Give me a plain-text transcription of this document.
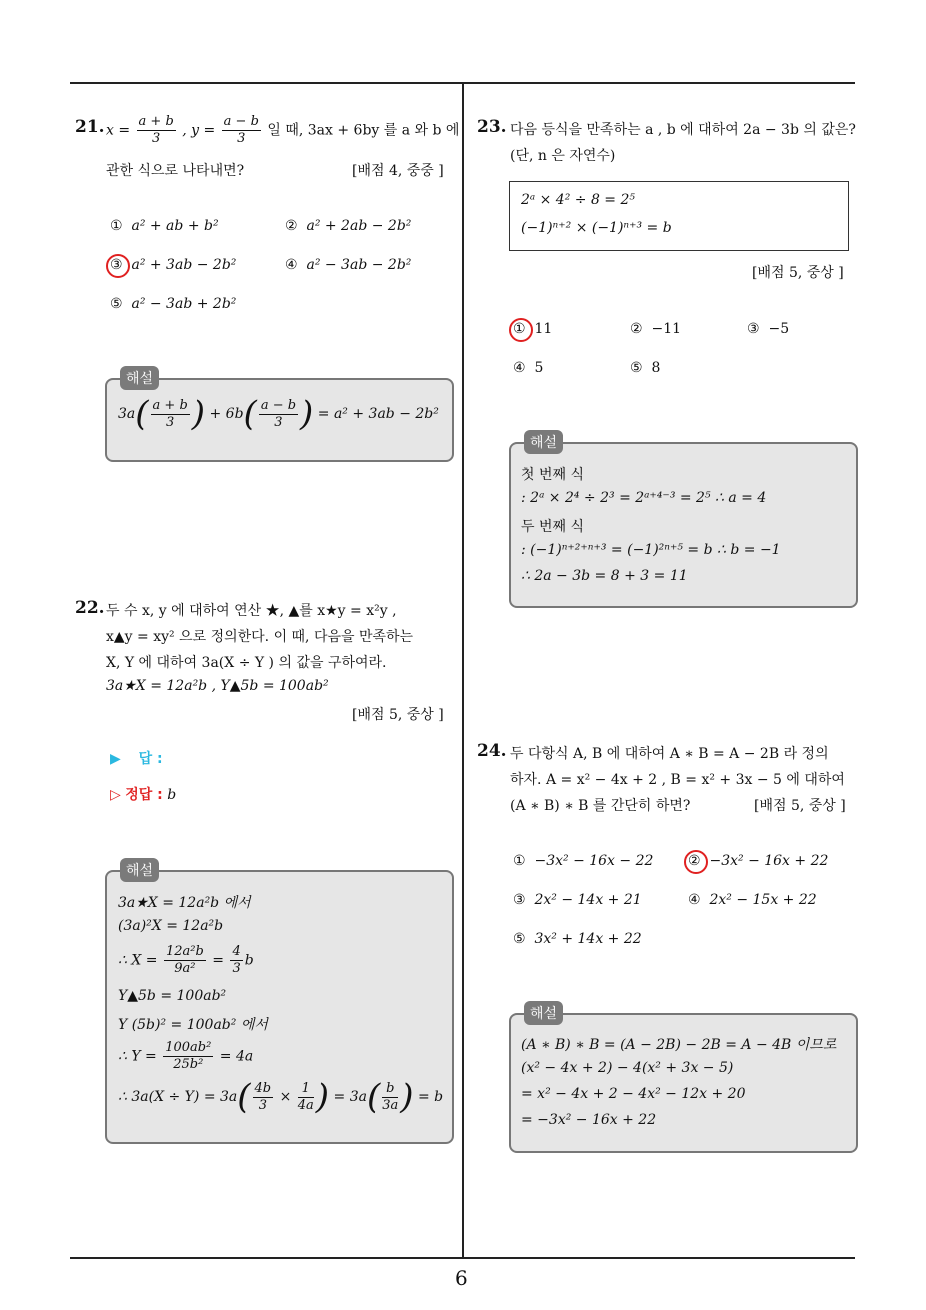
6
21. $x = \frac{a + b}{3}$ , $y = \frac{a - b}{3}$ 일 때, 3ax + 6by 를 a 와 b 에
관한 식으로 나타내면?	[배점 4, 중중 ]
① a² + ab + b²	② a² + 2ab − 2b²
③ a² + 3ab − 2b²	④ a² − 3ab − 2b²
⑤ a² − 3ab + 2b²
해설
$3a( \frac{a + b}{3}$ ) + $6b( \frac{a - b}{3}$ ) = a² + 3ab − 2b²
22. 두 수 x, y 에 대하여 연산 ★, ▲를 x★y = x²y ,
x▲y = xy² 으로 정의한다. 이 때, 다음을 만족하는
X, Y 에 대하여 3a(X ÷ Y ) 의 값을 구하여라.
3a★X = 12a²b , Y▲5b = 100ab²
[배점 5, 중상 ]
▶ 답 :
▷ 정답 : b
해설
3a★X = 12a²b 에서
(3a)²X = 12a²b
∴ $X = \frac{\text{12a²b}}{\text{9a²}} = \frac{4}{3}$ b
Y▲5b = 100ab²
Y (5b)² = 100ab² 에서
∴ $Y = \frac{\text{100ab²}}{\text{25b²}} = 4a$
∴ $3a(X \div Y) = 3a( \frac{4b}{3} \times \frac{1}{4a}$ ) = $3a( \frac{b}{3a}$ ) = b
23. 다음 등식을 만족하는 a , b 에 대하여 2a − 3b 의 값은?
(단, n 은 자연수)
2ᵃ × 4² ÷ 8 = 2⁵
(−1)ⁿ⁺² × (−1)ⁿ⁺³ = b
[배점 5, 중상 ]
① 11	② −11	③ −5
④ 5	⑤ 8
해설
첫 번째 식
: 2ᵃ × 2⁴ ÷ 2³ = 2ᵃ⁺⁴⁻³ = 2⁵ ∴ a = 4
두 번째 식
: (−1)ⁿ⁺²⁺ⁿ⁺³ = (−1)²ⁿ⁺⁵ = b ∴ b = −1
∴ 2a − 3b = 8 + 3 = 11
24. 두 다항식 A, B 에 대하여 A ∗ B = A − 2B 라 정의
하자. A = x² − 4x + 2 , B = x² + 3x − 5 에 대하여
(A ∗ B) ∗ B 를 간단히 하면?	[배점 5, 중상 ]
① −3x² − 16x − 22 ② −3x² − 16x + 22
③ 2x² − 14x + 21	④ 2x² − 15x + 22
⑤ 3x² + 14x + 22
해설
(A ∗ B) ∗ B = (A − 2B) − 2B = A − 4B 이므로
(x² − 4x + 2) − 4(x² + 3x − 5)
= x² − 4x + 2 − 4x² − 12x + 20
= −3x² − 16x + 22
